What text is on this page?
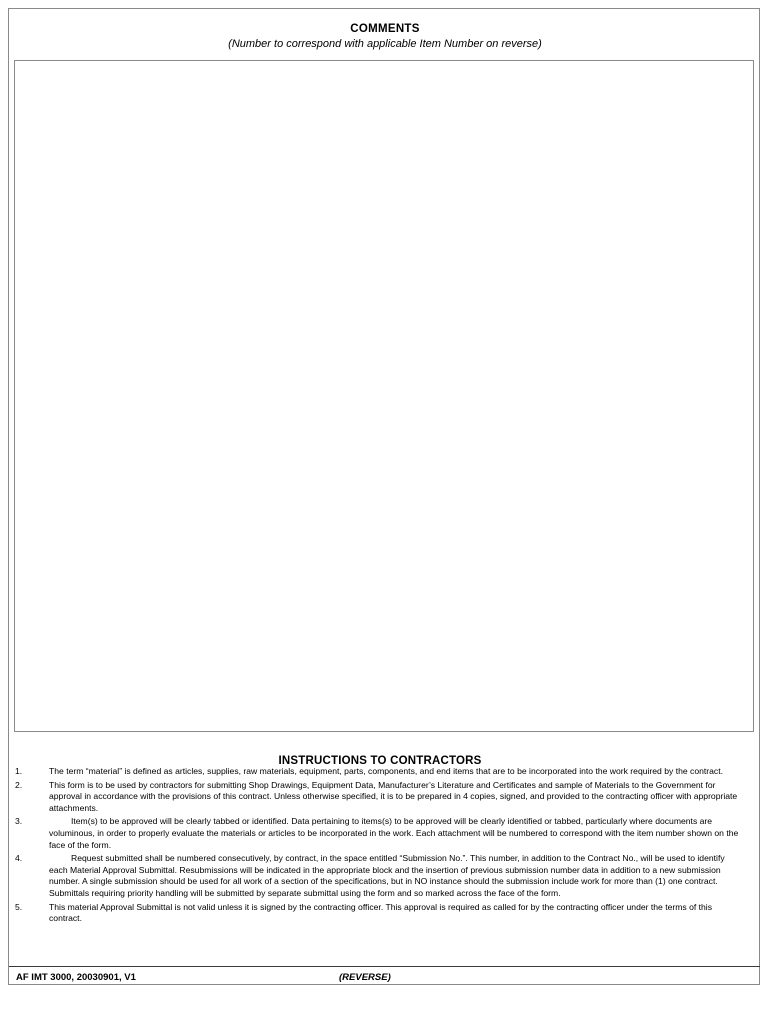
COMMENTS
(Number to correspond with applicable Item Number on reverse)
INSTRUCTIONS TO CONTRACTORS
1.	The term “material” is defined as articles, supplies, raw materials, equipment, parts, components, and end items that are to be incorporated into the work required by the contract.
2.	This form is to be used by contractors for submitting Shop Drawings, Equipment Data, Manufacturer’s Literature and Certificates and sample of Materials to the Government for approval in accordance with the provisions of this contract. Unless otherwise specified, it is to be prepared in 4 copies, signed, and provided to the contracting officer with appropriate attachments.
3.	Item(s) to be approved will be clearly tabbed or identified. Data pertaining to items(s) to be approved will be clearly identified or tabbed, particularly where documents are voluminous, in order to properly evaluate the materials or articles to be incorporated in the work. Each attachment will be numbered to correspond with the item number shown on the face of the form.
4.	Request submitted shall be numbered consecutively, by contract, in the space entitled “Submission No.”. This number, in addition to the Contract No., will be used to identify each Material Approval Submittal. Resubmissions will be indicated in the appropriate block and the insertion of previous submission number data in addition to a new submission number. A single submission should be used for all work of a section of the specifications, but in NO instance should the submission include work for more than (1) one contract. Submittals requiring priority handling will be submitted by separate submittal using the form and so marked across the face of the form.
5.	This material Approval Submittal is not valid unless it is signed by the contracting officer. This approval is required as called for by the contracting officer under the terms of this contract.
AF IMT 3000, 20030901, V1	(REVERSE)
